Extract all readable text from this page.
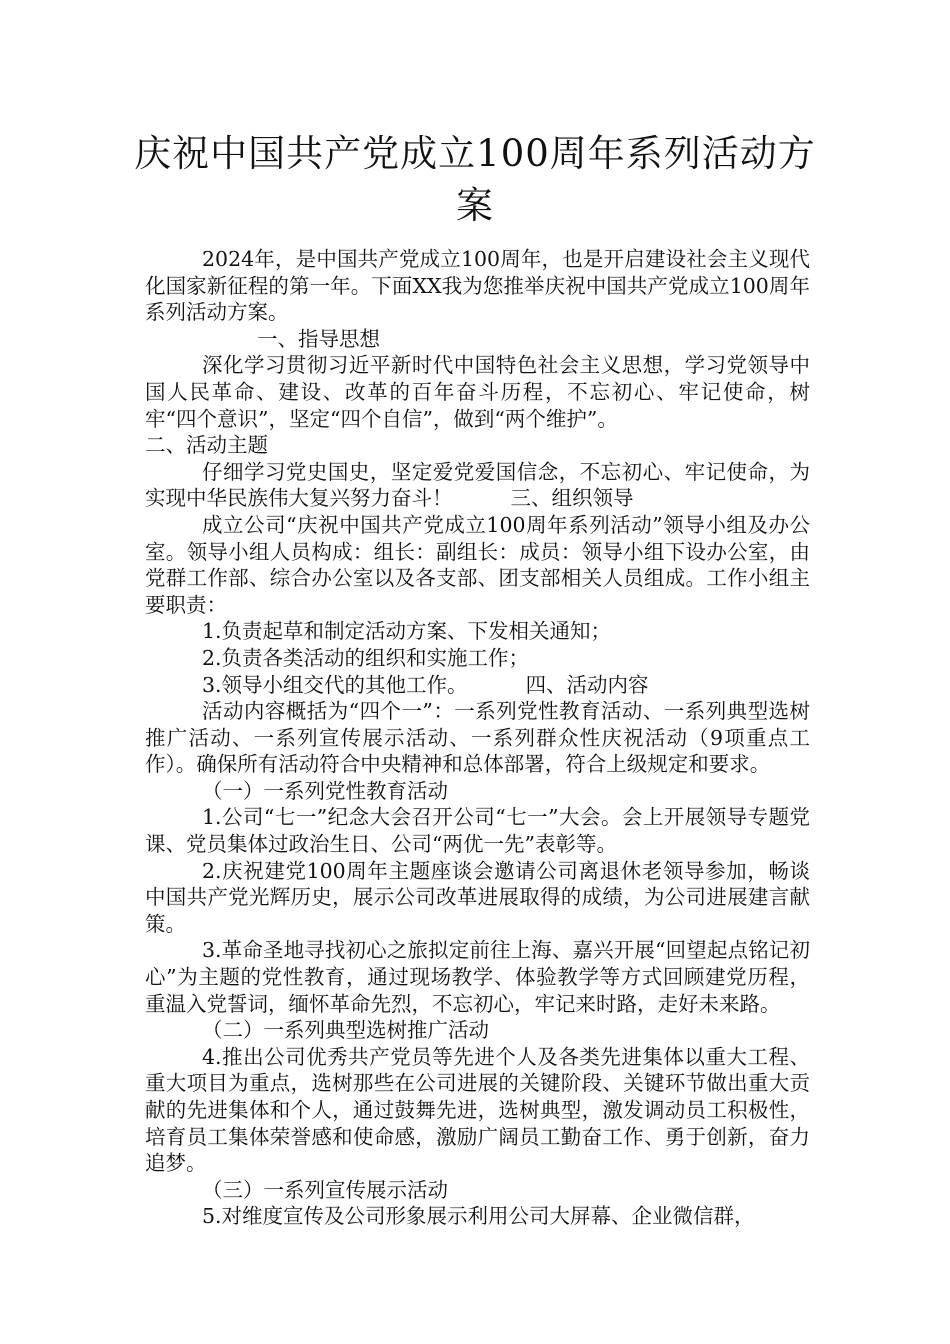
庆祝中国共产党成立100周年系列活动方案

2024年，是中国共产党成立100周年，也是开启建设社会主义现代化国家新征程的第一年。下面XX我为您推举庆祝中国共产党成立100周年系列活动方案。

一、指导思想

深化学习贯彻习近平新时代中国特色社会主义思想，学习党领导中国人民革命、建设、改革的百年奋斗历程，不忘初心、牢记使命，树牢“四个意识”，坚定“四个自信”，做到“两个维护”。

二、活动主题

仔细学习党史国史，坚定爱党爱国信念，不忘初心、牢记使命，为实现中华民族伟大复兴努力奋斗！	三、组织领导

成立公司“庆祝中国共产党成立100周年系列活动”领导小组及办公室。领导小组人员构成：组长：副组长：成员：领导小组下设办公室，由党群工作部、综合办公室以及各支部、团支部相关人员组成。工作小组主要职责：

1.负责起草和制定活动方案、下发相关通知；

2.负责各类活动的组织和实施工作；

3.领导小组交代的其他工作。	四、活动内容

活动内容概括为“四个一”：一系列党性教育活动、一系列典型选树推广活动、一系列宣传展示活动、一系列群众性庆祝活动（9项重点工作）。确保所有活动符合中央精神和总体部署，符合上级规定和要求。

（一）一系列党性教育活动

1.公司“七一”纪念大会召开公司“七一”大会。会上开展领导专题党课、党员集体过政治生日、公司“两优一先”表彰等。

2.庆祝建党100周年主题座谈会邀请公司离退休老领导参加，畅谈中国共产党光辉历史，展示公司改革进展取得的成绩，为公司进展建言献策。

3.革命圣地寻找初心之旅拟定前往上海、嘉兴开展“回望起点铭记初心”为主题的党性教育，通过现场教学、体验教学等方式回顾建党历程，重温入党誓词，缅怀革命先烈，不忘初心，牢记来时路，走好未来路。

（二）一系列典型选树推广活动

4.推出公司优秀共产党员等先进个人及各类先进集体以重大工程、重大项目为重点，选树那些在公司进展的关键阶段、关键环节做出重大贡献的先进集体和个人，通过鼓舞先进，选树典型，激发调动员工积极性，培育员工集体荣誉感和使命感，激励广阔员工勤奋工作、勇于创新，奋力追梦。

（三）一系列宣传展示活动

5.对维度宣传及公司形象展示利用公司大屏幕、企业微信群，
